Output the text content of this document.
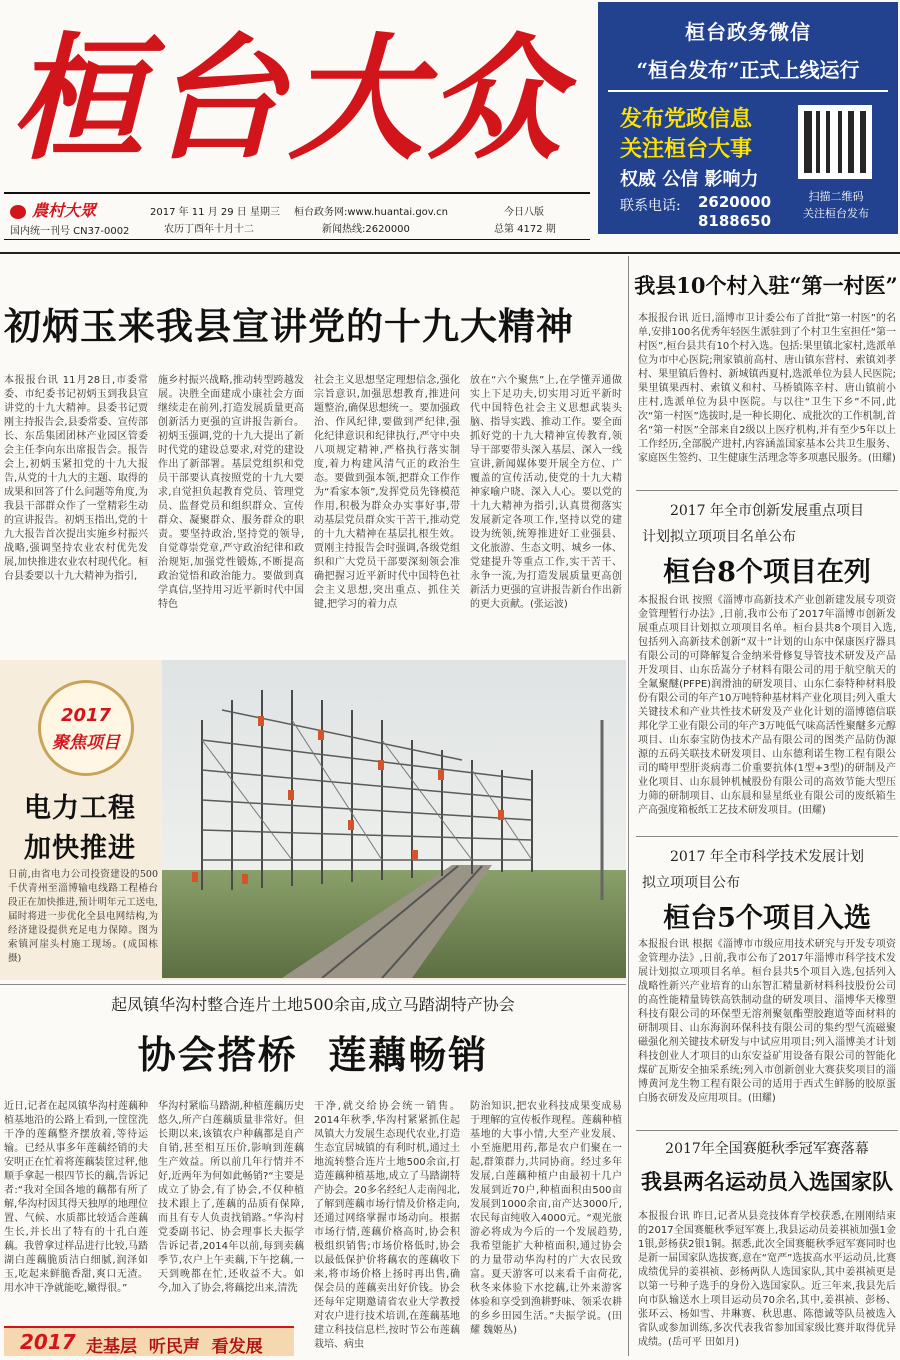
桓台大众
農村大眾
国内统一刊号 CN37-0002
2017 年 11 月 29 日 星期三
农历丁酉年十月十二
桓台政务网:www.huantai.gov.cn
新闻热线:2620000
今日八版
总第 4172 期
桓台政务微信
“桓台发布”正式上线运行
发布党政信息
关注桓台大事
权威 公信 影响力
联系电话: 2620000
8188650
扫描二维码
关注桓台发布
初炳玉来我县宣讲党的十九大精神
本报报台讯 11月28日,市委常委、市纪委书记初炳玉到我县宣讲党的十九大精神。县委书记贾刚主持报告会,县委常委、宣传部长、东岳集团团林产业园区管委会主任李向东出席报告会。报告会上,初炳玉紧扣党的十九大报告,从党的十九大的主题、取得的成果和回答了什么问题等角度,为我县干部群众作了一堂精彩生动的宣讲报告。初炳玉指出,党的十九大报告首次提出实施乡村振兴战略,强调坚持农业农村优先发展,加快推进农业农村现代化。桓台县委要以十九大精神为指引,
施乡村振兴战略,推动转型跨越发展。决胜全面建成小康社会方面继续走在前列,打造发展质量更高创新活力更强的宣讲报告新台。初炳玉强调,党的十九大提出了新时代党的建设总要求,对党的建设作出了新部署。基层党组织和党员干部要认真按照党的十九大要求,自觉担负起教育党员、管理党员、监督党员和组织群众、宣传群众、凝聚群众、服务群众的职责。要坚持政治,坚持党的领导,自觉尊崇党章,严守政治纪律和政治规矩,加强党性锻炼,不断提高政治觉悟和政治能力。要做到真学真信,坚持用习近平新时代中国特色
社会主义思想坚定理想信念,强化宗旨意识,加强思想教育,推进问题整治,确保思想统一。要加强政治、作风纪律,要做到严纪律,强化纪律意识和纪律执行,严守中央八项规定精神,严格执行落实制度,着力构建风清气正的政治生态。要做到强本领,把群众工作作为“看家本领”,发挥党员先锋模范作用,积极为群众办实事好事,带动基层党员群众实干苦干,推动党的十九大精神在基层扎根生效。贾刚主持报告会时强调,各级党组织和广大党员干部要深刻领会准确把握习近平新时代中国特色社会主义思想,突出重点、抓住关键,把学习的着力点
放在“六个聚焦”上,在学懂弄通做实上下足功夫,切实用习近平新时代中国特色社会主义思想武装头脑、指导实践、推动工作。要全面抓好党的十九大精神宣传教育,领导干部要带头深入基层、深入一线宣讲,新闻媒体要开展全方位、广覆盖的宣传活动,使党的十九大精神家喻户晓、深入人心。要以党的十九大精神为指引,认真贯彻落实发展新定各项工作,坚持以党的建设为统领,统筹推进好工业强县、文化旅游、生态文明、城乡一体、党建提升等重点工作,实干苦干、永争一流,为打造发展质量更高创新活力更强的宣讲报告新台作出新的更大贡献。(张运波)
2017
聚焦项目
电力工程
加快推进
日前,由省电力公司投资建设的500千伏青州至淄博输电线路工程椿台段正在加快推进,预计明年元工送电,届时将进一步优化全县电网结构,为经济建设提供充足电力保障。图为索镇河崖头村施工现场。(成国栋 摄)
起凤镇华沟村整合连片土地500余亩,成立马踏湖特产协会
协会搭桥  莲藕畅销
近日,记者在起凤镇华沟村莲藕种植基地沿的公路上看到,一筐筐洗干净的莲藕整齐摆放着,等待运输。已经从事多年莲藕经销的夫安明正在忙着将莲藕装筐过秤,他顺手拿起一根四节长的藕,告诉记者:“我对全国各地的藕都有所了解,华沟村因其得天独厚的地理位置、气候、水质都比较适合莲藕生长,并长出了特有的十孔白莲藕。我曾拿过样品进行比较,马踏湖白莲藕脆质洁白细腻,润泽如玉,吃起来鲜脆香甜,爽口无渣。用水冲干净就能吃,嫩得很。”
华沟村紧临马踏湖,种植莲藕历史悠久,所产白莲藕质量非常好。但长期以来,该镇农户种藕都是自产自销,甚至相互压价,影响到莲藕生产效益。所以前几年行情并不好,近两年为何如此畅销?“主要是成立了协会,有了协会,不仅种植技术跟上了,莲藕的品质有保障,而且有专人负责找销路。”华沟村党委副书记、协会理事长夫振学告诉记者,2014年以前,每到卖藕季节,农户上午卖藕,下午挖藕,一天到晚都在忙,还收益不大。如今,加入了协会,将藕挖出来,清洗
干净,就交给协会统一销售。2014年秋季,华沟村紧紧抓住起凤镇大力发展生态现代农业,打造生态宜居城镇的有利时机,通过土地流转整合连片土地500余亩,打造莲藕种植基地,成立了马踏湖特产协会。20多名经纪人走南闯北,了解到莲藕市场行情及价格走向,还通过网络掌握市场动向。根据市场行情,莲藕价格高时,协会积极组织销售;市场价格低时,协会以最低保护价将藕农的莲藕收下来,将市场价格上扬时再出售,确保会员的莲藕卖出好价钱。协会还每年定期邀请省农业大学教授对农户进行技术培训,在莲藕基地建立科技信息栏,按时节公布莲藕栽培、病虫
防治知识,把农业科技成果变成易于理解的宣传板作现程。莲藕种植基地的大事小情,大至产业发展、小至施肥用药,都是农户们聚在一起,群策群力,共同协商。经过多年发展,白莲藕种植户由最初十几户发展到近70户,种植面积由500亩发展到1000余亩,亩产达3000斤,农民每亩纯收入4000元。“观光旅游必将成为今后的一个发展趋势,我希望能扩大种植面积,通过协会的力量带动华沟村的广大农民致富。夏天游客可以来看千亩荷花,秋冬来体验下水挖藕,让外来游客体验和享受到渔耕野味、领采农耕的乡乡田园生活。”夫振学说。(田耀 魏姬丛)
2017 走基层  听民声  看发展
我县10个村入驻“第一村医”
本报报台讯 近日,淄博市卫计委公布了首批“第一村医”的名单,安排100名优秀年轻医生派驻到了个村卫生室担任“第一村医”,桓台县共有10个村入选。包括:果里镇北家村,选派单位为市中心医院;荆家镇前高村、唐山镇东营村、索镇刘孝村、果里镇后鲁村、新城镇西夏村,选派单位为县人民医院;果里镇果西村、索镇义和村、马桥镇陈辛村、唐山镇前小庄村,选派单位为县中医院。与以往“卫生下乡”不同,此次“第一村医”选拔时,是一种长期化、成批次的工作机制,首名“第一村医”全部来自2级以上医疗机构,并有至少5年以上工作经历,全部脱产进村,内容涵盖国家基本公共卫生服务、家庭医生签约、卫生健康生活理念等多项惠民服务。(田耀)
2017 年全市创新发展重点项目
计划拟立项项目名单公布
桓台8个项目在列
本报报台讯 按照《淄博市高新技术产业创新建发展专项资金管理暂行办法》,日前,我市公布了2017年淄博市创新发展重点项目计划拟立项项目名单。桓台县共8个项目入选,包括列入高新技术创新“双十”计划的山东中保康医疗器具有限公司的可降解复合金纳米骨修复导管技术研发及产品开发项目、山东岳嵩分子材料有限公司的用于航空航天的全氟聚醚(PFPE)润滑油的研发项目、山东仁泰特种材料股份有限公司的年产10万吨特种基材料产业化项目;列入重大关键技术和产业共性技术研发及产业化计划的淄博德信联邦化学工业有限公司的年产3万吨低气味高活性聚醚多元醇项目、山东泰宝防伪技术产品有限公司的图类产品防伪源源的五码关联技术研发项目、山东德利诺生物工程有限公司的畸甲型肝炎病毒二价重要抗体(1型+3型)的研制及产业化项目、山东晨钟机械股份有限公司的高效节能大型压力筛的研制项目、山东晨和显星纸业有限公司的废纸箱生产高强度箱板纸工艺技术研发项目。(田耀)
2017 年全市科学技术发展计划
拟立项项目公布
桓台5个项目入选
本报报台讯 根据《淄博市市级应用技术研究与开发专项资金管理办法》,日前,我市公布了2017年淄博市科学技术发展计划拟立项项目名单。桓台县共5个项目入选,包括列入战略性新兴产业培育的山东智汇精量新材料科技股份公司的高性能精量铸铁高铁制动盘的研发项目、淄博华天橡塑科技有限公司的环保型无溶剂聚氨酯塑胶跑道等面材料的研制项目、山东海润环保科技有限公司的集约型气流磁聚磁强化剂关键技术研发与中试应用项目;列入淄博美才计划科技创业人才项目的山东安益矿用设备有限公司的智能化煤矿瓦斯安全抽采系统;列入市创新创业大赛获奖项目的淄博黄河龙生物工程有限公司的适用于西式生鲜肠的胶原蛋白肠衣研发及应用项目。(田耀)
2017年全国赛艇秋季冠军赛落幕
我县两名运动员入选国家队
本报报台讯 昨日,记者从县竞技体育学校获悉,在刚刚结束的2017全国赛艇秋季冠军赛上,我县运动员姜祺祯加强1金1银,彭杨获2银1铜。据悉,此次全国赛艇秋季冠军赛同时也是新一届国家队选拔赛,意在“宽严”选拔高水平运动员,比赛成绩优异的姜祺祯、彭杨两队人选国家队,其中姜祺祯更是以第一号种子选手的身份入选国家队。近三年来,我县先后向市队输送水上项目运动员70余名,其中,姜祺祯、彭杨、张环云、杨如雪、井琳赛、秋思惠、陈德诚等队员被选入省队或参加训练,多次代表我省参加国家级比赛并取得优异成绩。(岳可平 田如月)
